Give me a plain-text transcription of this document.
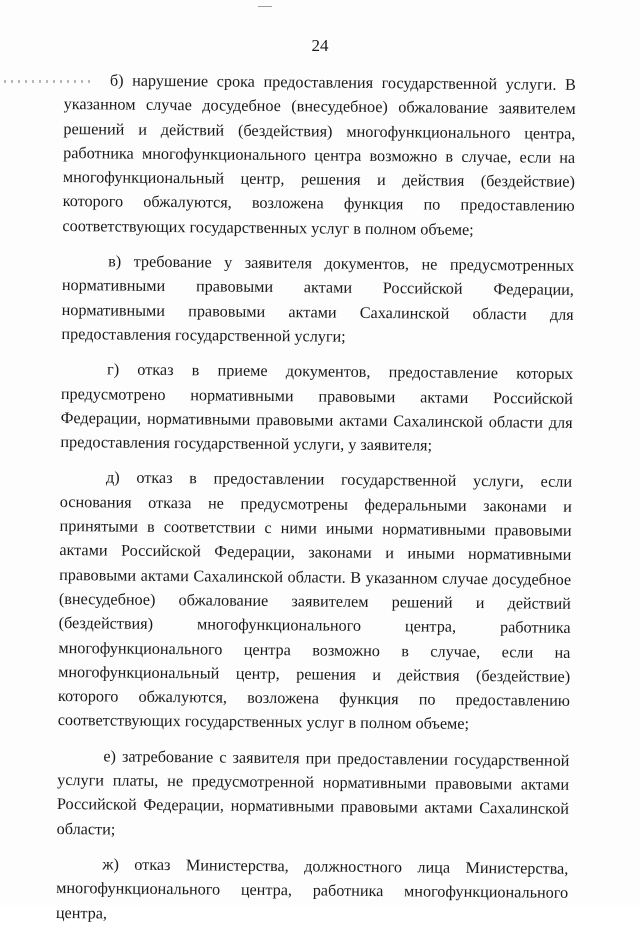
24

б) нарушение срока предоставления государственной услуги. В указанном случае досудебное (внесудебное) обжалование заявителем решений и действий (бездействия) многофункционального центра, работника многофункционального центра возможно в случае, если на многофункциональный центр, решения и действия (бездействие) которого обжалуются, возложена функция по предоставлению соответствующих государственных услуг в полном объеме;

в) требование у заявителя документов, не предусмотренных нормативными правовыми актами Российской Федерации, нормативными правовыми актами Сахалинской области для предоставления государственной услуги;

г) отказ в приеме документов, предоставление которых предусмотрено нормативными правовыми актами Российской Федерации, нормативными правовыми актами Сахалинской области для предоставления государственной услуги, у заявителя;

д) отказ в предоставлении государственной услуги, если основания отказа не предусмотрены федеральными законами и принятыми в соответствии с ними иными нормативными правовыми актами Российской Федерации, законами и иными нормативными правовыми актами Сахалинской области. В указанном случае досудебное (внесудебное) обжалование заявителем решений и действий (бездействия) многофункционального центра, работника многофункционального центра возможно в случае, если на многофункциональный центр, решения и действия (бездействие) которого обжалуются, возложена функция по предоставлению соответствующих государственных услуг в полном объеме;

е) затребование с заявителя при предоставлении государственной услуги платы, не предусмотренной нормативными правовыми актами Российской Федерации, нормативными правовыми актами Сахалинской области;

ж) отказ Министерства, должностного лица Министерства, многофункционального центра, работника многофункционального центра,
